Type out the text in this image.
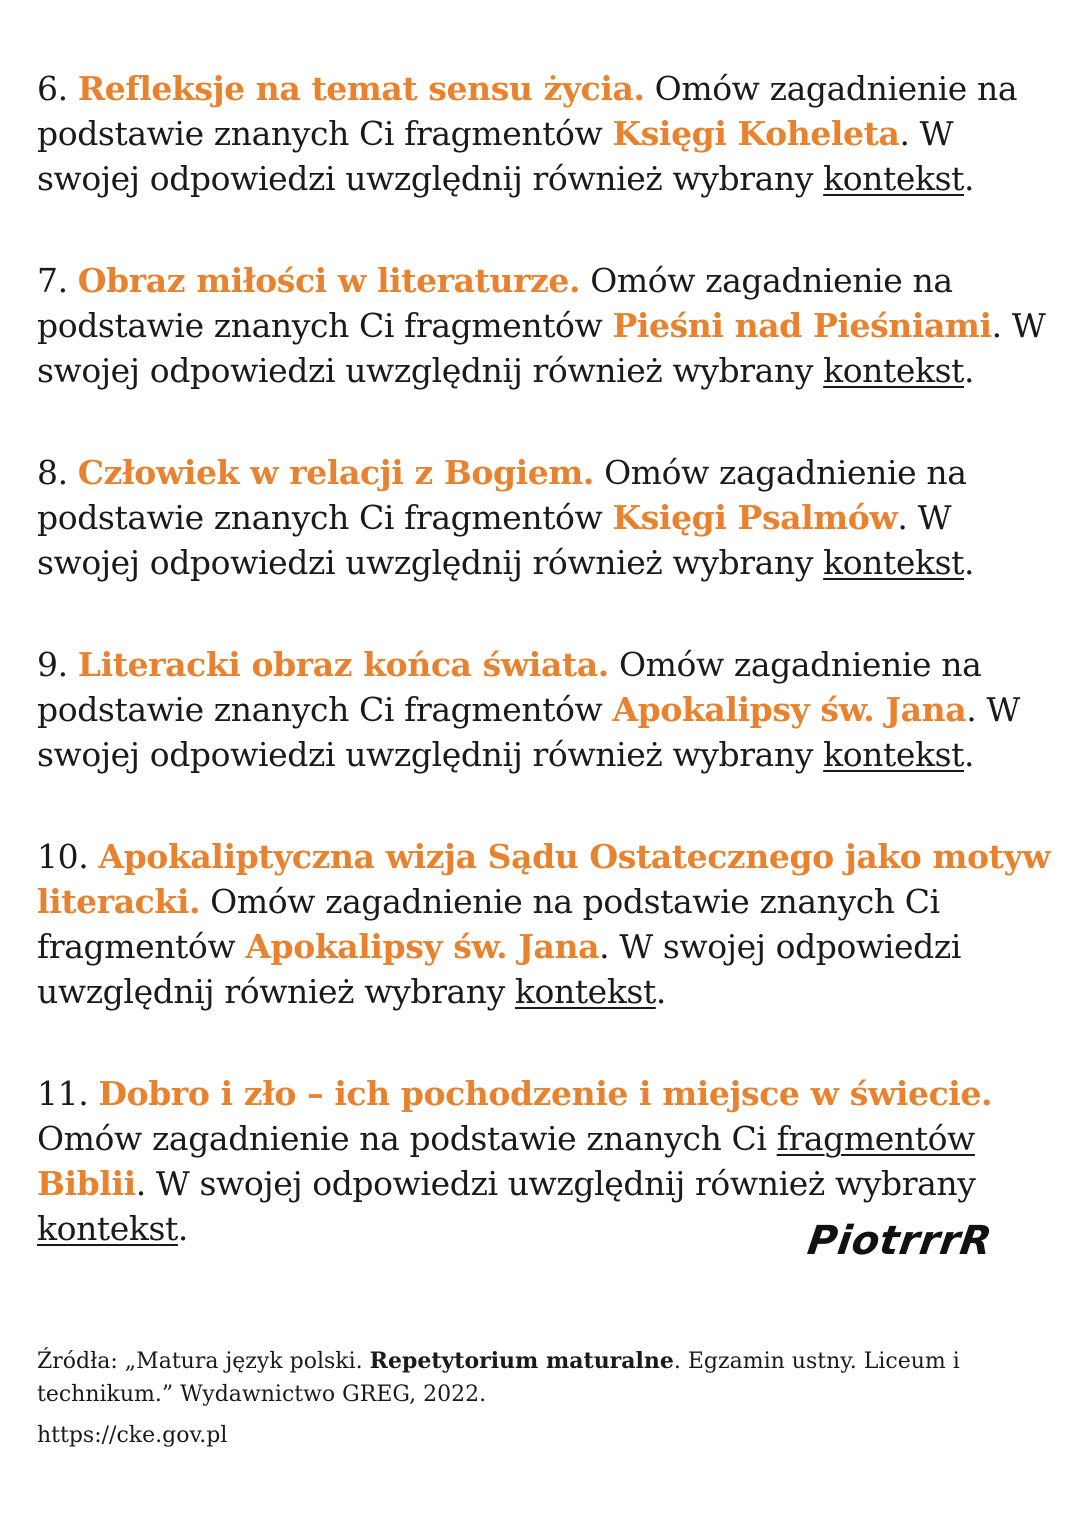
6. Refleksje na temat sensu życia. Omów zagadnienie na podstawie znanych Ci fragmentów Księgi Koheleta. W swojej odpowiedzi uwzględnij również wybrany kontekst.

7. Obraz miłości w literaturze. Omów zagadnienie na podstawie znanych Ci fragmentów Pieśni nad Pieśniami. W swojej odpowiedzi uwzględnij również wybrany kontekst.

8. Człowiek w relacji z Bogiem. Omów zagadnienie na podstawie znanych Ci fragmentów Księgi Psalmów. W swojej odpowiedzi uwzględnij również wybrany kontekst.

9. Literacki obraz końca świata. Omów zagadnienie na podstawie znanych Ci fragmentów Apokalipsy św. Jana. W swojej odpowiedzi uwzględnij również wybrany kontekst.

10. Apokaliptyczna wizja Sądu Ostatecznego jako motyw literacki. Omów zagadnienie na podstawie znanych Ci fragmentów Apokalipsy św. Jana. W swojej odpowiedzi uwzględnij również wybrany kontekst.

11. Dobro i zło – ich pochodzenie i miejsce w świecie. Omów zagadnienie na podstawie znanych Ci fragmentów Biblii. W swojej odpowiedzi uwzględnij również wybrany kontekst.	PiotrrrR

Źródła: „Matura język polski. Repetytorium maturalne. Egzamin ustny. Liceum i technikum.” Wydawnictwo GREG, 2022.

https://cke.gov.pl
